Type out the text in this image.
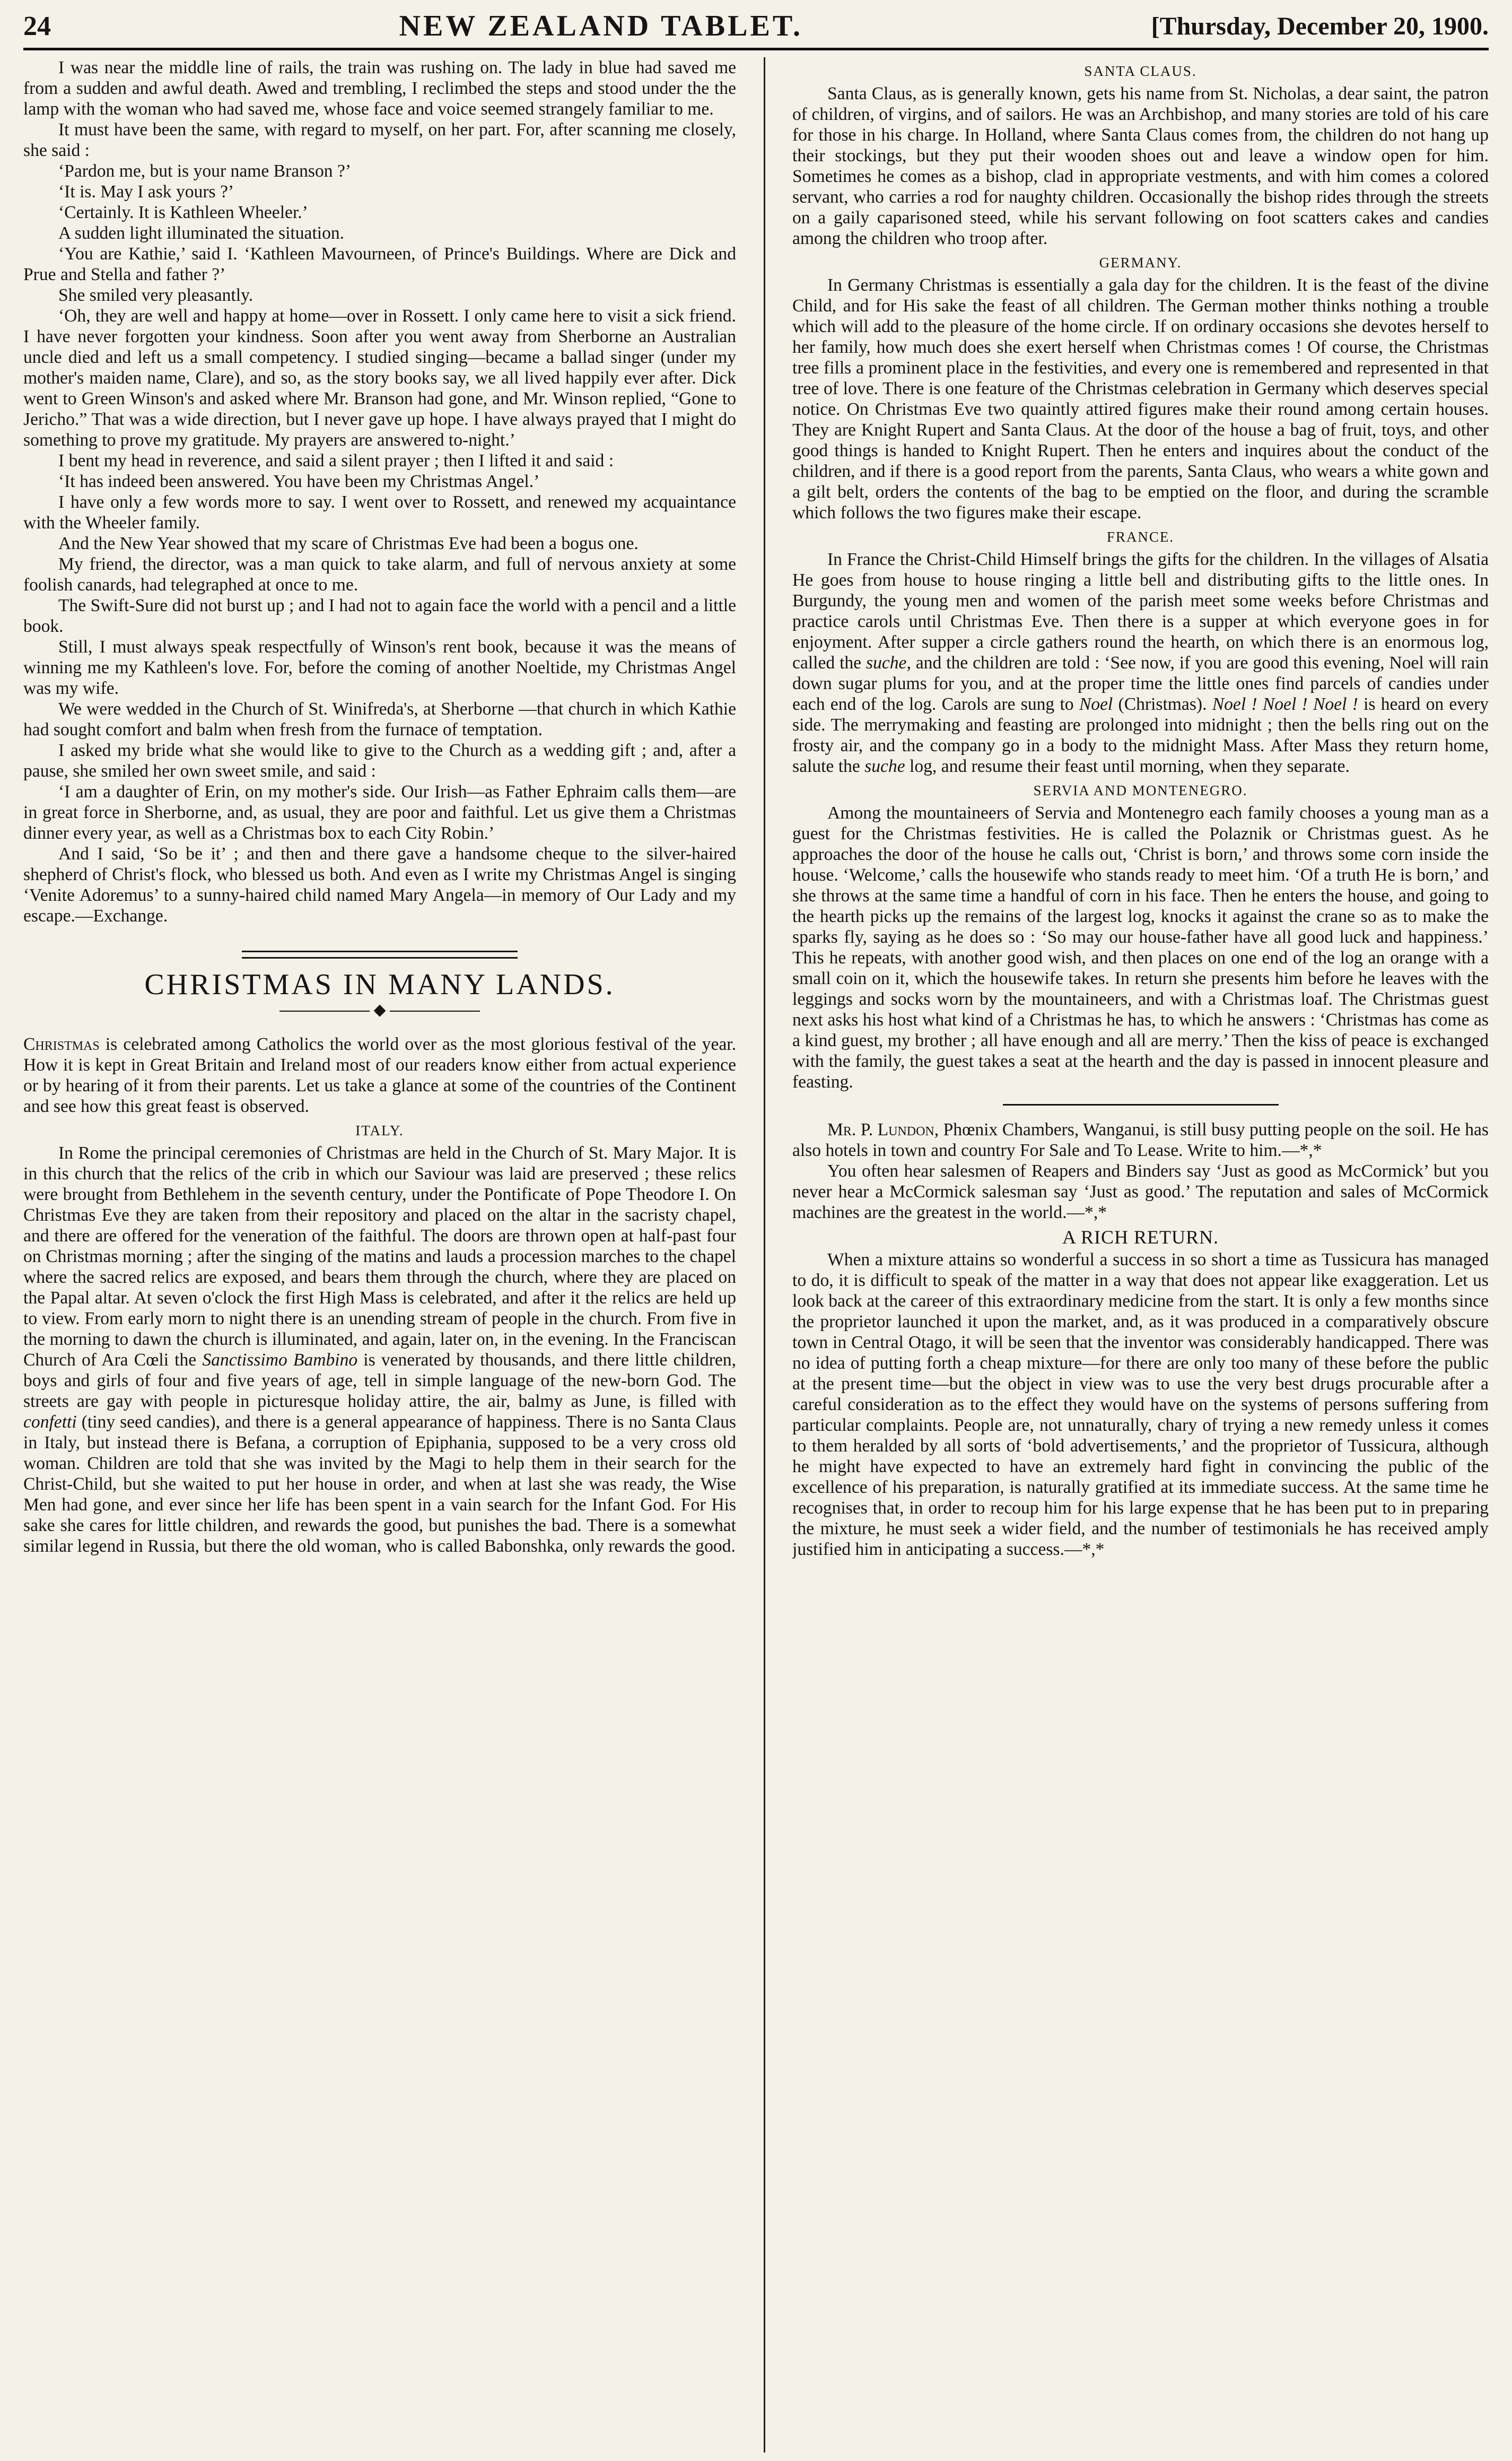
24	NEW ZEALAND TABLET.	[Thursday, December 20, 1900.

I was near the middle line of rails, the train was rushing on. The lady in blue had saved me from a sudden and awful death. Awed and trembling, I reclimbed the steps and stood under the the lamp with the woman who had saved me, whose face and voice seemed strangely familiar to me.

It must have been the same, with regard to myself, on her part. For, after scanning me closely, she said :

‘Pardon me, but is your name Branson ?’

‘It is. May I ask yours ?’

‘Certainly. It is Kathleen Wheeler.’

A sudden light illuminated the situation.

‘You are Kathie,’ said I. ‘Kathleen Mavourneen, of Prince's Buildings. Where are Dick and Prue and Stella and father ?’

She smiled very pleasantly.

‘Oh, they are well and happy at home—over in Rossett. I only came here to visit a sick friend. I have never forgotten your kindness. Soon after you went away from Sherborne an Australian uncle died and left us a small competency. I studied singing—became a ballad singer (under my mother's maiden name, Clare), and so, as the story books say, we all lived happily ever after. Dick went to Green Winson's and asked where Mr. Branson had gone, and Mr. Winson replied, “Gone to Jericho.” That was a wide direction, but I never gave up hope. I have always prayed that I might do something to prove my gratitude. My prayers are answered to-night.’

I bent my head in reverence, and said a silent prayer ; then I lifted it and said :

‘It has indeed been answered. You have been my Christmas Angel.’

I have only a few words more to say. I went over to Rossett, and renewed my acquaintance with the Wheeler family.

And the New Year showed that my scare of Christmas Eve had been a bogus one.

My friend, the director, was a man quick to take alarm, and full of nervous anxiety at some foolish canards, had telegraphed at once to me.

The Swift-Sure did not burst up ; and I had not to again face the world with a pencil and a little book.

Still, I must always speak respectfully of Winson's rent book, because it was the means of winning me my Kathleen's love. For, before the coming of another Noeltide, my Christmas Angel was my wife.

We were wedded in the Church of St. Winifreda's, at Sherborne —that church in which Kathie had sought comfort and balm when fresh from the furnace of temptation.

I asked my bride what she would like to give to the Church as a wedding gift ; and, after a pause, she smiled her own sweet smile, and said :

‘I am a daughter of Erin, on my mother's side. Our Irish—as Father Ephraim calls them—are in great force in Sherborne, and, as usual, they are poor and faithful. Let us give them a Christmas dinner every year, as well as a Christmas box to each City Robin.’

And I said, ‘So be it’ ; and then and there gave a handsome cheque to the silver-haired shepherd of Christ's flock, who blessed us both. And even as I write my Christmas Angel is singing ‘Venite Adoremus’ to a sunny-haired child named Mary Angela—in memory of Our Lady and my escape.—Exchange.

CHRISTMAS IN MANY LANDS.
◆

Christmas is celebrated among Catholics the world over as the most glorious festival of the year. How it is kept in Great Britain and Ireland most of our readers know either from actual experience or by hearing of it from their parents. Let us take a glance at some of the countries of the Continent and see how this great feast is observed.

ITALY.

In Rome the principal ceremonies of Christmas are held in the Church of St. Mary Major. It is in this church that the relics of the crib in which our Saviour was laid are preserved ; these relics were brought from Bethlehem in the seventh century, under the Pontificate of Pope Theodore I. On Christmas Eve they are taken from their repository and placed on the altar in the sacristy chapel, and there are offered for the veneration of the faithful. The doors are thrown open at half-past four on Christmas morning ; after the singing of the matins and lauds a procession marches to the chapel where the sacred relics are exposed, and bears them through the church, where they are placed on the Papal altar. At seven o'clock the first High Mass is celebrated, and after it the relics are held up to view. From early morn to night there is an unending stream of people in the church. From five in the morning to dawn the church is illuminated, and again, later on, in the evening. In the Franciscan Church of Ara Cœli the Sanctissimo Bambino is venerated by thousands, and there little children, boys and girls of four and five years of age, tell in simple language of the new-born God. The streets are gay with people in picturesque holiday attire, the air, balmy as June, is filled with confetti (tiny seed candies), and there is a general appearance of happiness. There is no Santa Claus in Italy, but instead there is Befana, a corruption of Epiphania, supposed to be a very cross old woman. Children are told that she was invited by the Magi to help them in their search for the Christ-Child, but she waited to put her house in order, and when at last she was ready, the Wise Men had gone, and ever since her life has been spent in a vain search for the Infant God. For His sake she cares for little children, and rewards the good, but punishes the bad. There is a somewhat similar legend in Russia, but there the old woman, who is called Babonshka, only rewards the good.

SANTA CLAUS.

Santa Claus, as is generally known, gets his name from St. Nicholas, a dear saint, the patron of children, of virgins, and of sailors. He was an Archbishop, and many stories are told of his care for those in his charge. In Holland, where Santa Claus comes from, the children do not hang up their stockings, but they put their wooden shoes out and leave a window open for him. Sometimes he comes as a bishop, clad in appropriate vestments, and with him comes a colored servant, who carries a rod for naughty children. Occasionally the bishop rides through the streets on a gaily caparisoned steed, while his servant following on foot scatters cakes and candies among the children who troop after.

GERMANY.

In Germany Christmas is essentially a gala day for the children. It is the feast of the divine Child, and for His sake the feast of all children. The German mother thinks nothing a trouble which will add to the pleasure of the home circle. If on ordinary occasions she devotes herself to her family, how much does she exert herself when Christmas comes ! Of course, the Christmas tree fills a prominent place in the festivities, and every one is remembered and represented in that tree of love. There is one feature of the Christmas celebration in Germany which deserves special notice. On Christmas Eve two quaintly attired figures make their round among certain houses. They are Knight Rupert and Santa Claus. At the door of the house a bag of fruit, toys, and other good things is handed to Knight Rupert. Then he enters and inquires about the conduct of the children, and if there is a good report from the parents, Santa Claus, who wears a white gown and a gilt belt, orders the contents of the bag to be emptied on the floor, and during the scramble which follows the two figures make their escape.

FRANCE.

In France the Christ-Child Himself brings the gifts for the children. In the villages of Alsatia He goes from house to house ringing a little bell and distributing gifts to the little ones. In Burgundy, the young men and women of the parish meet some weeks before Christmas and practice carols until Christmas Eve. Then there is a supper at which everyone goes in for enjoyment. After supper a circle gathers round the hearth, on which there is an enormous log, called the suche, and the children are told : ‘See now, if you are good this evening, Noel will rain down sugar plums for you, and at the proper time the little ones find parcels of candies under each end of the log. Carols are sung to Noel (Christmas). Noel ! Noel ! Noel ! is heard on every side. The merrymaking and feasting are prolonged into midnight ; then the bells ring out on the frosty air, and the company go in a body to the midnight Mass. After Mass they return home, salute the suche log, and resume their feast until morning, when they separate.

SERVIA AND MONTENEGRO.

Among the mountaineers of Servia and Montenegro each family chooses a young man as a guest for the Christmas festivities. He is called the Polaznik or Christmas guest. As he approaches the door of the house he calls out, ‘Christ is born,’ and throws some corn inside the house. ‘Welcome,’ calls the housewife who stands ready to meet him. ‘Of a truth He is born,’ and she throws at the same time a handful of corn in his face. Then he enters the house, and going to the hearth picks up the remains of the largest log, knocks it against the crane so as to make the sparks fly, saying as he does so : ‘So may our house-father have all good luck and happiness.’ This he repeats, with another good wish, and then places on one end of the log an orange with a small coin on it, which the housewife takes. In return she presents him before he leaves with the leggings and socks worn by the mountaineers, and with a Christmas loaf. The Christmas guest next asks his host what kind of a Christmas he has, to which he answers : ‘Christmas has come as a kind guest, my brother ; all have enough and all are merry.’ Then the kiss of peace is exchanged with the family, the guest takes a seat at the hearth and the day is passed in innocent pleasure and feasting.

Mr. P. Lundon, Phœnix Chambers, Wanganui, is still busy putting people on the soil. He has also hotels in town and country For Sale and To Lease. Write to him.—*,*

You often hear salesmen of Reapers and Binders say ‘Just as good as McCormick’ but you never hear a McCormick salesman say ‘Just as good.’ The reputation and sales of McCormick machines are the greatest in the world.—*,*

A RICH RETURN.

When a mixture attains so wonderful a success in so short a time as Tussicura has managed to do, it is difficult to speak of the matter in a way that does not appear like exaggeration. Let us look back at the career of this extraordinary medicine from the start. It is only a few months since the proprietor launched it upon the market, and, as it was produced in a comparatively obscure town in Central Otago, it will be seen that the inventor was considerably handicapped. There was no idea of putting forth a cheap mixture—for there are only too many of these before the public at the present time—but the object in view was to use the very best drugs procurable after a careful consideration as to the effect they would have on the systems of persons suffering from particular complaints. People are, not unnaturally, chary of trying a new remedy unless it comes to them heralded by all sorts of ‘bold advertisements,’ and the proprietor of Tussicura, although he might have expected to have an extremely hard fight in convincing the public of the excellence of his preparation, is naturally gratified at its immediate success. At the same time he recognises that, in order to recoup him for his large expense that he has been put to in preparing the mixture, he must seek a wider field, and the number of testimonials he has received amply justified him in anticipating a success.—*,*
